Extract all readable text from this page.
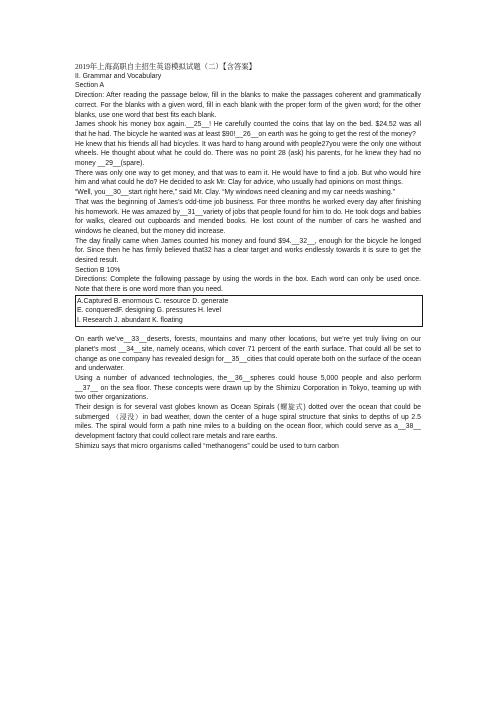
2019年上海高职自主招生英语模拟试题（二）【含答案】

II. Grammar and Vocabulary

Section A

Direction: After reading the passage below, fill in the blanks to make the passages coherent and grammatically correct. For the blanks with a given word, fill in each blank with the proper form of the given word; for the other blanks, use one word that best fits each blank.

James shook his money box again.__25__! He carefully counted the coins that lay on the bed. $24.52 was all that he had. The bicycle he wanted was at least $90!__26__on earth was he going to get the rest of the money?

He knew that his friends all had bicycles. It was hard to hang around with people27you were the only one without wheels. He thought about what he could do. There was no point 28 (ask) his parents, for he knew they had no money __29__(spare).

There was only one way to get money, and that was to earn it. He would have to find a job. But who would hire him and what could he do? He decided to ask Mr. Clay for advice, who usually had opinions on most things.

“Well, you__30__start right here,” said Mr. Clay. “My windows need cleaning and my car needs washing.”

That was the beginning of James’s odd-time job business. For three months he worked every day after finishing his homework. He was amazed by__31__variety of jobs that people found for him to do. He took dogs and babies for walks, cleared out cupboards and mended books. He lost count of the number of cars he washed and windows he cleaned, but the money did increase.

The day finally came when James counted his money and found $94.__32__, enough for the bicycle he longed for. Since then he has firmly believed that32 has a clear target and works endlessly towards it is sure to get the desired result.

Section B 10%

Directions: Complete the following passage by using the words in the box. Each word can only be used once. Note that there is one word more than you need.

A.Captured B. enormous C. resource D. generate
E. conqueredF. designing G. pressures H. level
I. Research J. abundant K. floating

On earth we’ve__33__deserts, forests, mountains and many other locations, but we’re yet truly living on our planet’s most __34__site, namely oceans, which cover 71 percent of the earth surface. That could all be set to change as one company has revealed design for__35__cities that could operate both on the surface of the ocean and underwater.

Using a number of advanced technologies, the__36__spheres could house 5,000 people and also perform __37__ on the sea floor. These concepts were drawn up by the Shimizu Corporation in Tokyo, teaming up with two other organizations.

Their design is for several vast globes known as Ocean Spirals (螺旋式) dotted over the ocean that could be submerged （浸没）in bad weather, down the center of a huge spiral structure that sinks to depths of up 2.5 miles. The spiral would form a path nine miles to a building on the ocean floor, which could serve as a__38__ development factory that could collect rare metals and rare earths.

Shimizu says that micro organisms called “methanogens” could be used to turn carbon
